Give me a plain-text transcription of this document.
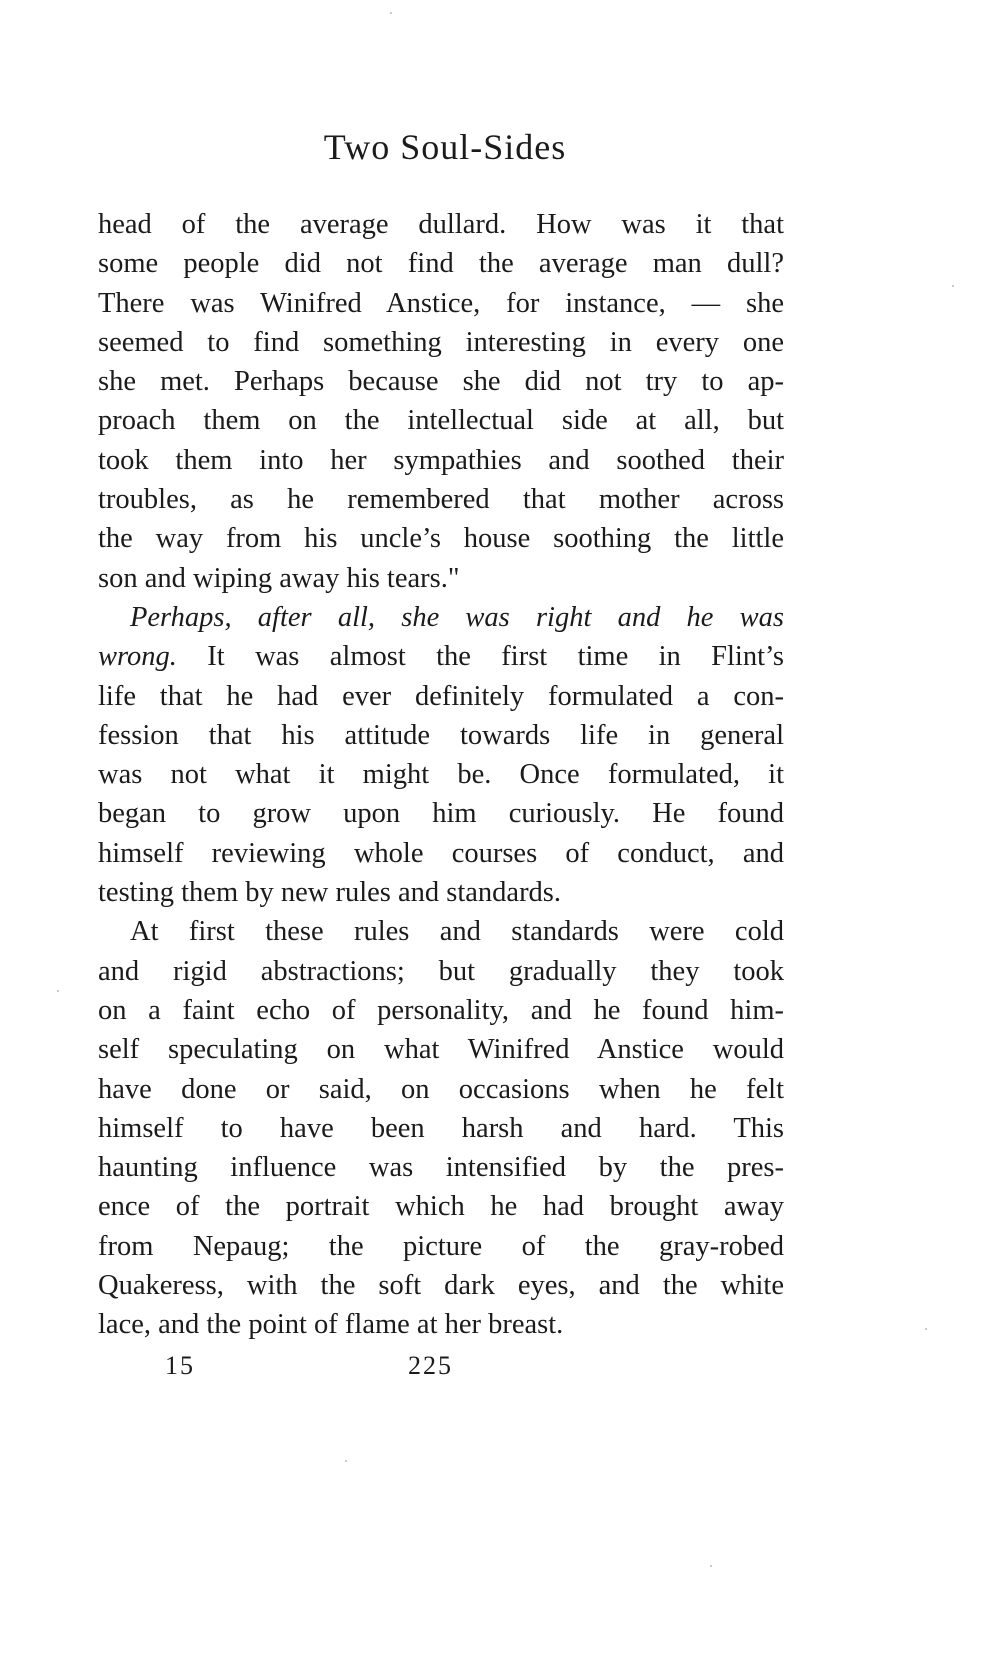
Two Soul-Sides
head of the average dullard. How was it that
some people did not find the average man dull?
There was Winifred Anstice, for instance, — she
seemed to find something interesting in every one
she met. Perhaps because she did not try to ap-
proach them on the intellectual side at all, but
took them into her sympathies and soothed their
troubles, as he remembered that mother across
the way from his uncle’s house soothing the little
son and wiping away his tears."
Perhaps, after all, she was right and he was
wrong. It was almost the first time in Flint’s
life that he had ever definitely formulated a con-
fession that his attitude towards life in general
was not what it might be. Once formulated, it
began to grow upon him curiously. He found
himself reviewing whole courses of conduct, and
testing them by new rules and standards.
At first these rules and standards were cold
and rigid abstractions; but gradually they took
on a faint echo of personality, and he found him-
self speculating on what Winifred Anstice would
have done or said, on occasions when he felt
himself to have been harsh and hard. This
haunting influence was intensified by the pres-
ence of the portrait which he had brought away
from Nepaug; the picture of the gray-robed
Quakeress, with the soft dark eyes, and the white
lace, and the point of flame at her breast.
15	225
